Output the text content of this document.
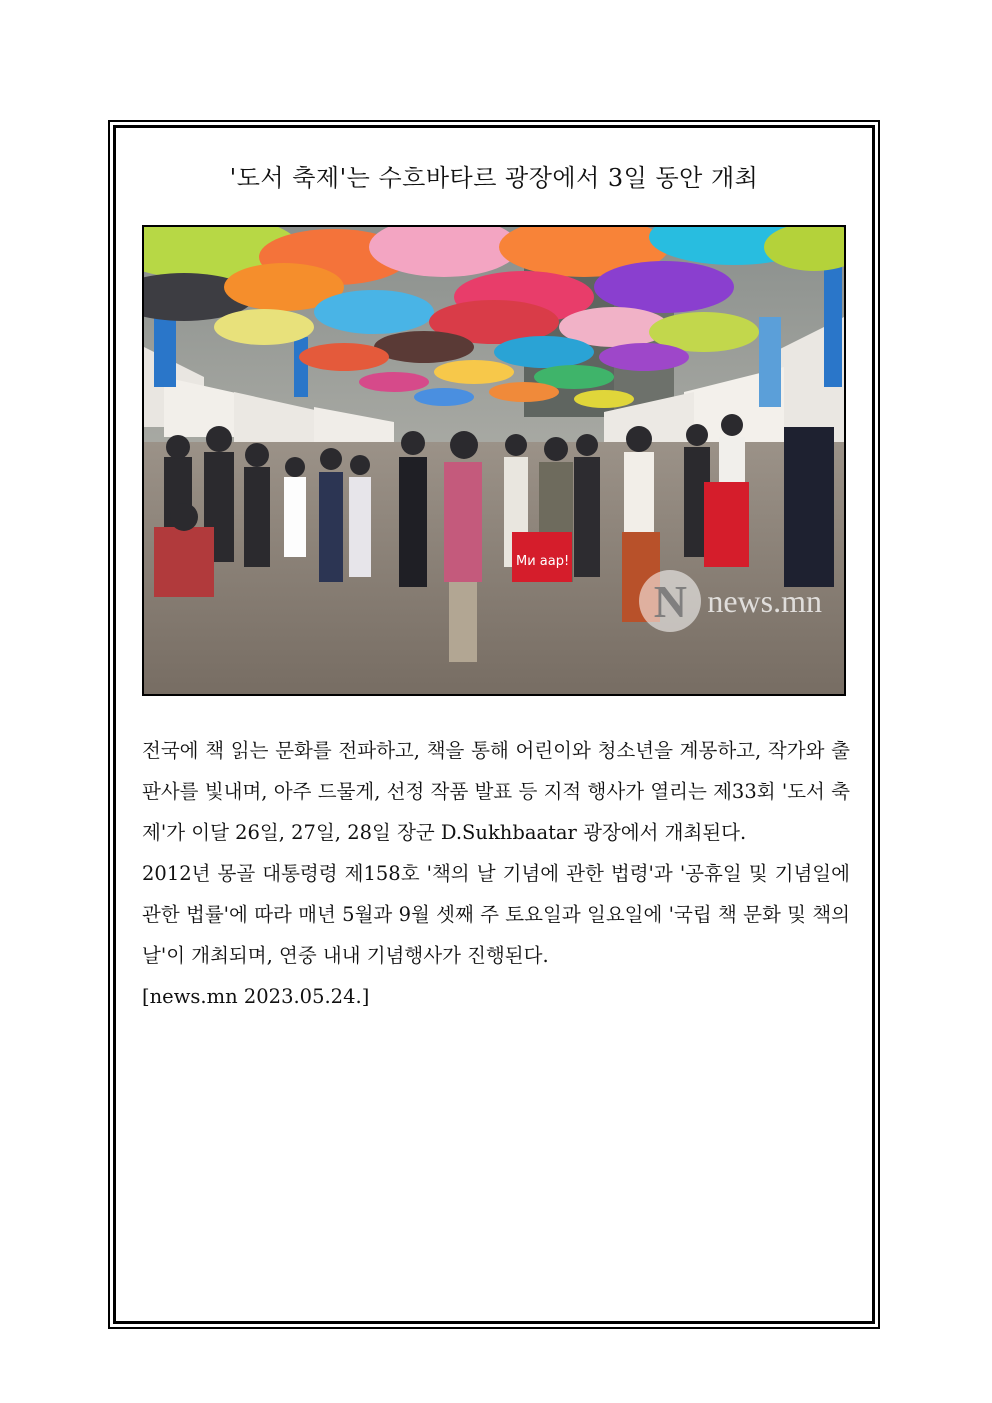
'도서 축제'는 수흐바타르 광장에서 3일 동안 개최
Ми аар!
N news.mn

전국에 책 읽는 문화를 전파하고, 책을 통해 어린이와 청소년을 계몽하고, 작가와 출판사를 빛내며, 아주 드물게, 선정 작품 발표 등 지적 행사가 열리는 제33회 '도서 축제'가 이달 26일, 27일, 28일 장군 D.Sukhbaatar 광장에서 개최된다.

2012년 몽골 대통령령 제158호 '책의 날 기념에 관한 법령'과 '공휴일 및 기념일에 관한 법률'에 따라 매년 5월과 9월 셋째 주 토요일과 일요일에 '국립 책 문화 및 책의 날'이 개최되며, 연중 내내 기념행사가 진행된다.

[news.mn 2023.05.24.]
